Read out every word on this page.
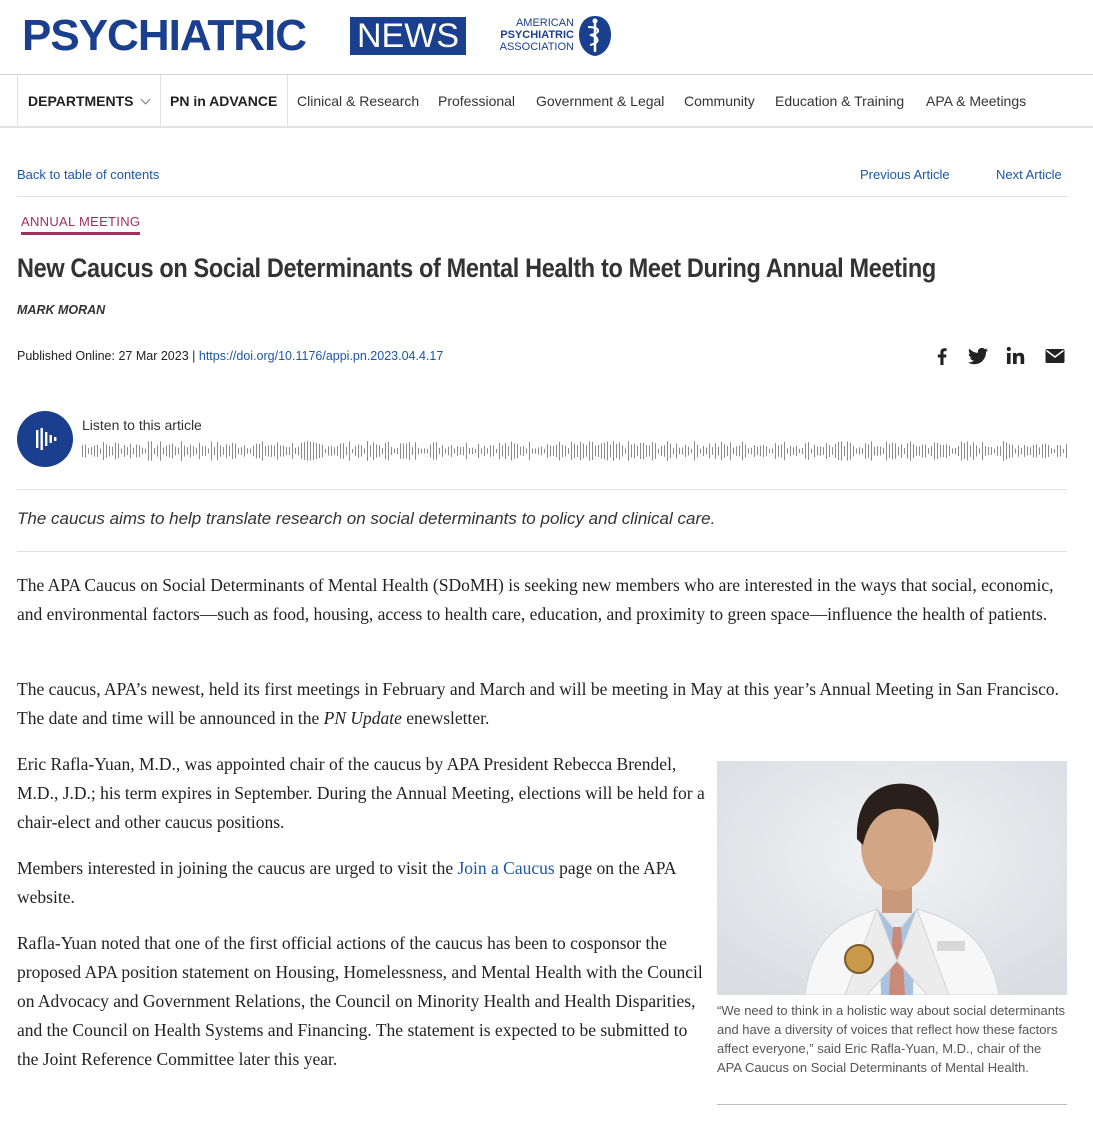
PSYCHIATRIC NEWS	AMERICAN
PSYCHIATRIC
ASSOCIATION
DEPARTMENTS	PN in ADVANCE	Clinical & Research Professional Government & Legal Community Education & Training APA & Meetings
Back to table of contents	Previous Article	Next Article
ANNUAL MEETING
New Caucus on Social Determinants of Mental Health to Meet During Annual Meeting
MARK MORAN
Published Online: 27 Mar 2023 | https://doi.org/10.1176/appi.pn.2023.04.4.17
Listen to this article
The caucus aims to help translate research on social determinants to policy and clinical care.

The APA Caucus on Social Determinants of Mental Health (SDoMH) is seeking new members who are interested in the ways that social, economic, and environmental factors—such as food, housing, access to health care, education, and proximity to green space—influence the health of patients.

The caucus, APA’s newest, held its first meetings in February and March and will be meeting in May at this year’s Annual Meeting in San Francisco. The date and time will be announced in the PN Update enewsletter.

Eric Rafla-Yuan, M.D., was appointed chair of the caucus by APA President Rebecca Brendel, M.D., J.D.; his term expires in September. During the Annual Meeting, elections will be held for a chair-elect and other caucus positions.

Members interested in joining the caucus are urged to visit the Join a Caucus page on the APA website.

Rafla-Yuan noted that one of the first official actions of the caucus has been to cosponsor the proposed APA position statement on Housing, Homelessness, and Mental Health with the Council on Advocacy and Government Relations, the Council on Minority Health and Health Disparities, and the Council on Health Systems and Financing. The statement is expected to be submitted to the Joint Reference Committee later this year.

“We need to think in a holistic way about social determinants and have a diversity of voices that reflect how these factors affect everyone,” said Eric Rafla-Yuan, M.D., chair of the APA Caucus on Social Determinants of Mental Health.
